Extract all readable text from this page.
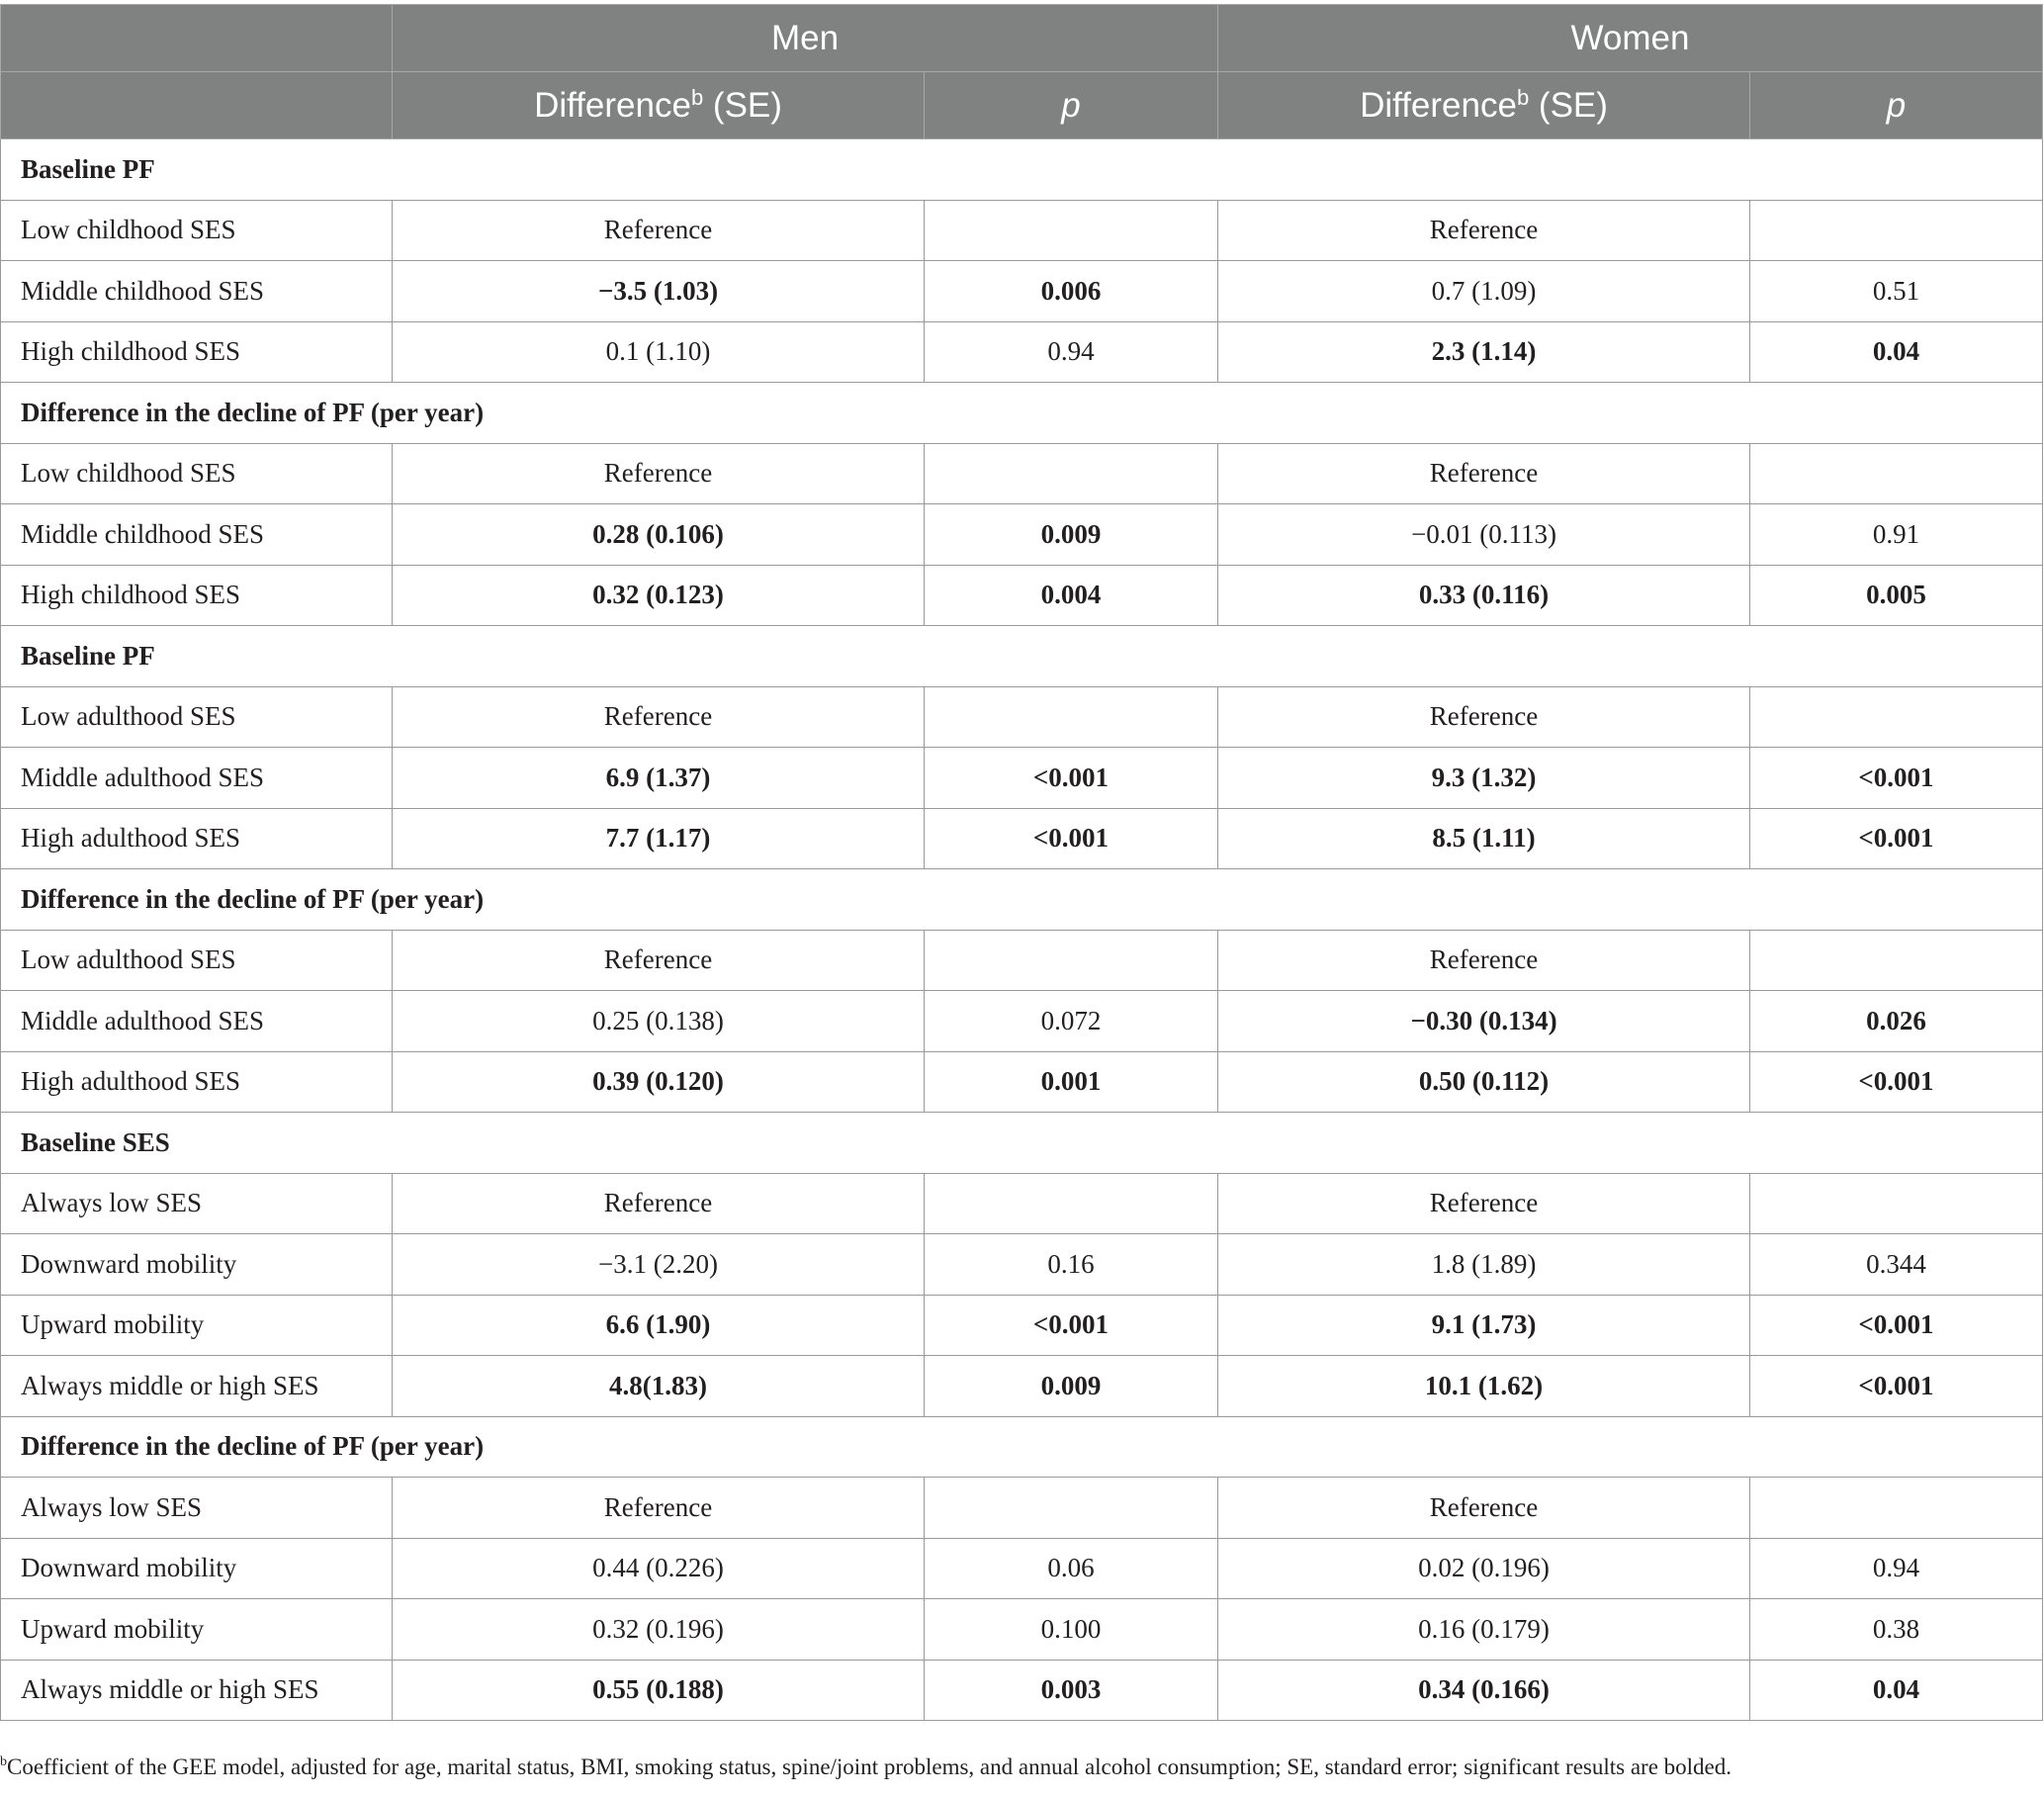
	Men		Women	
	Difference$^b$ (SE)	p	Difference$^b$ (SE)	p
Baseline PF				
Low childhood SES	Reference		Reference	
Middle childhood SES	−3.5 (1.03)	0.006	0.7 (1.09)	0.51
High childhood SES	0.1 (1.10)	0.94	2.3 (1.14)	0.04
Difference in the decline of PF (per year)				
Low childhood SES	Reference		Reference	
Middle childhood SES	0.28 (0.106)	0.009	−0.01 (0.113)	0.91
High childhood SES	0.32 (0.123)	0.004	0.33 (0.116)	0.005
Baseline PF				
Low adulthood SES	Reference		Reference	
Middle adulthood SES	6.9 (1.37)	<0.001	9.3 (1.32)	<0.001
High adulthood SES	7.7 (1.17)	<0.001	8.5 (1.11)	<0.001
Difference in the decline of PF (per year)				
Low adulthood SES	Reference		Reference	
Middle adulthood SES	0.25 (0.138)	0.072	−0.30 (0.134)	0.026
High adulthood SES	0.39 (0.120)	0.001	0.50 (0.112)	<0.001
Baseline SES				
Always low SES	Reference		Reference	
Downward mobility	−3.1 (2.20)	0.16	1.8 (1.89)	0.344
Upward mobility	6.6 (1.90)	<0.001	9.1 (1.73)	<0.001
Always middle or high SES	4.8(1.83)	0.009	10.1 (1.62)	<0.001
Difference in the decline of PF (per year)				
Always low SES	Reference		Reference	
Downward mobility	0.44 (0.226)	0.06	0.02 (0.196)	0.94
Upward mobility	0.32 (0.196)	0.100	0.16 (0.179)	0.38
Always middle or high SES	0.55 (0.188)	0.003	0.34 (0.166)	0.04
$^b$Coefficient of the GEE model, adjusted for age, marital status, BMI, smoking status, spine/joint problems, and annual alcohol consumption; SE, standard error; significant results are bolded.
